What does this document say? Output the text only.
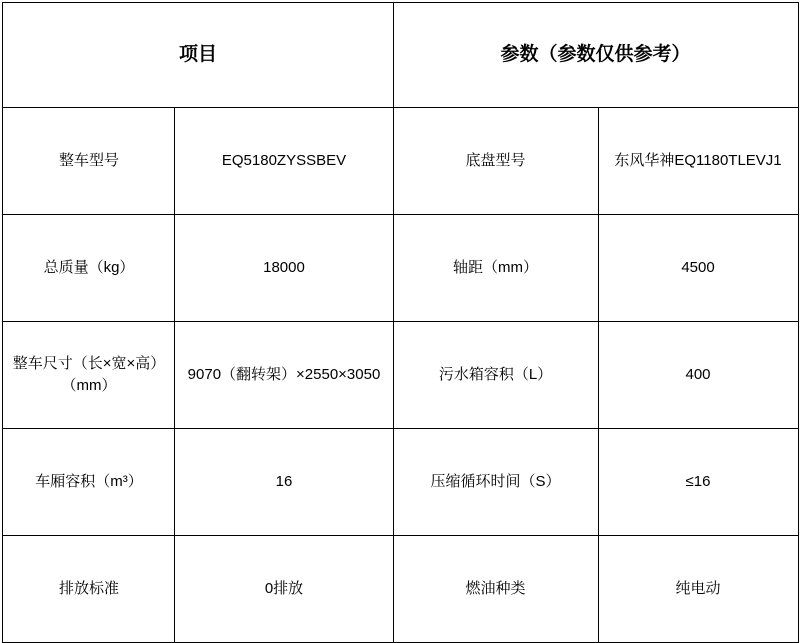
项目		参数（参数仅供参考）	
整车型号	EQ5180ZYSSBEV	底盘型号	东风华神EQ1180TLEVJ1
总质量（kg）	18000	轴距（mm）	4500
整车尺寸（长×宽×高）（mm）	9070（翻转架）×2550×3050	污水箱容积（L）	400
车厢容积（m³）	16	压缩循环时间（S）	≤16
排放标准	0排放	燃油种类	纯电动
